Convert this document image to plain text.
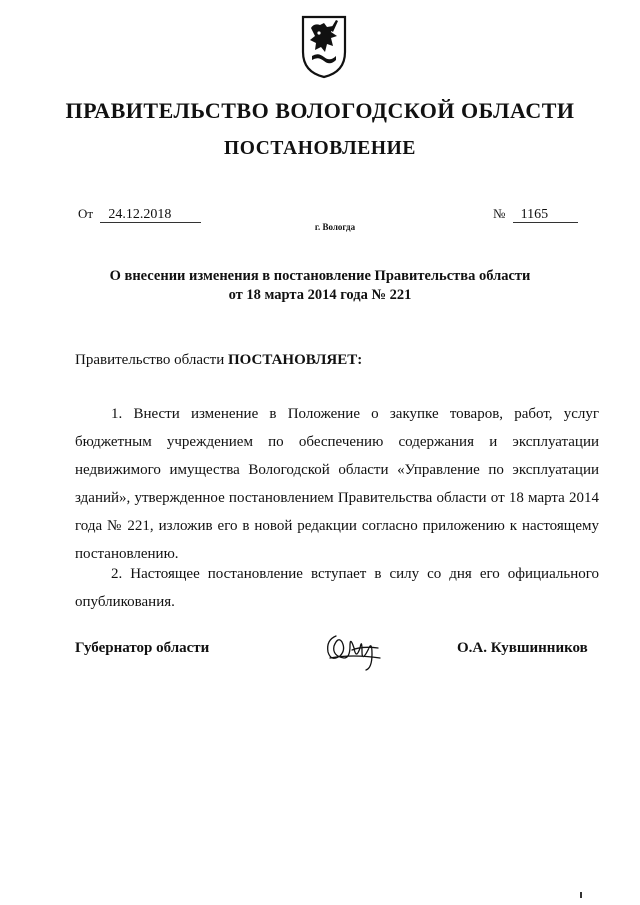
ПРАВИТЕЛЬСТВО ВОЛОГОДСКОЙ ОБЛАСТИ
ПОСТАНОВЛЕНИЕ
От 24.12.2018	№ 1165
г. Вологда
О внесении изменения в постановление Правительства области
от 18 марта 2014 года № 221
Правительство области ПОСТАНОВЛЯЕТ:

1. Внести изменение в Положение о закупке товаров, работ, услуг бюджетным учреждением по обеспечению содержания и эксплуатации недвижимого имущества Вологодской области «Управление по эксплуатации зданий», утвержденное постановлением Правительства области от 18 марта 2014 года № 221, изложив его в новой редакции согласно приложению к настоящему постановлению.

2. Настоящее постановление вступает в силу со дня его официального опубликования.

Губернатор области	О.А. Кувшинников
